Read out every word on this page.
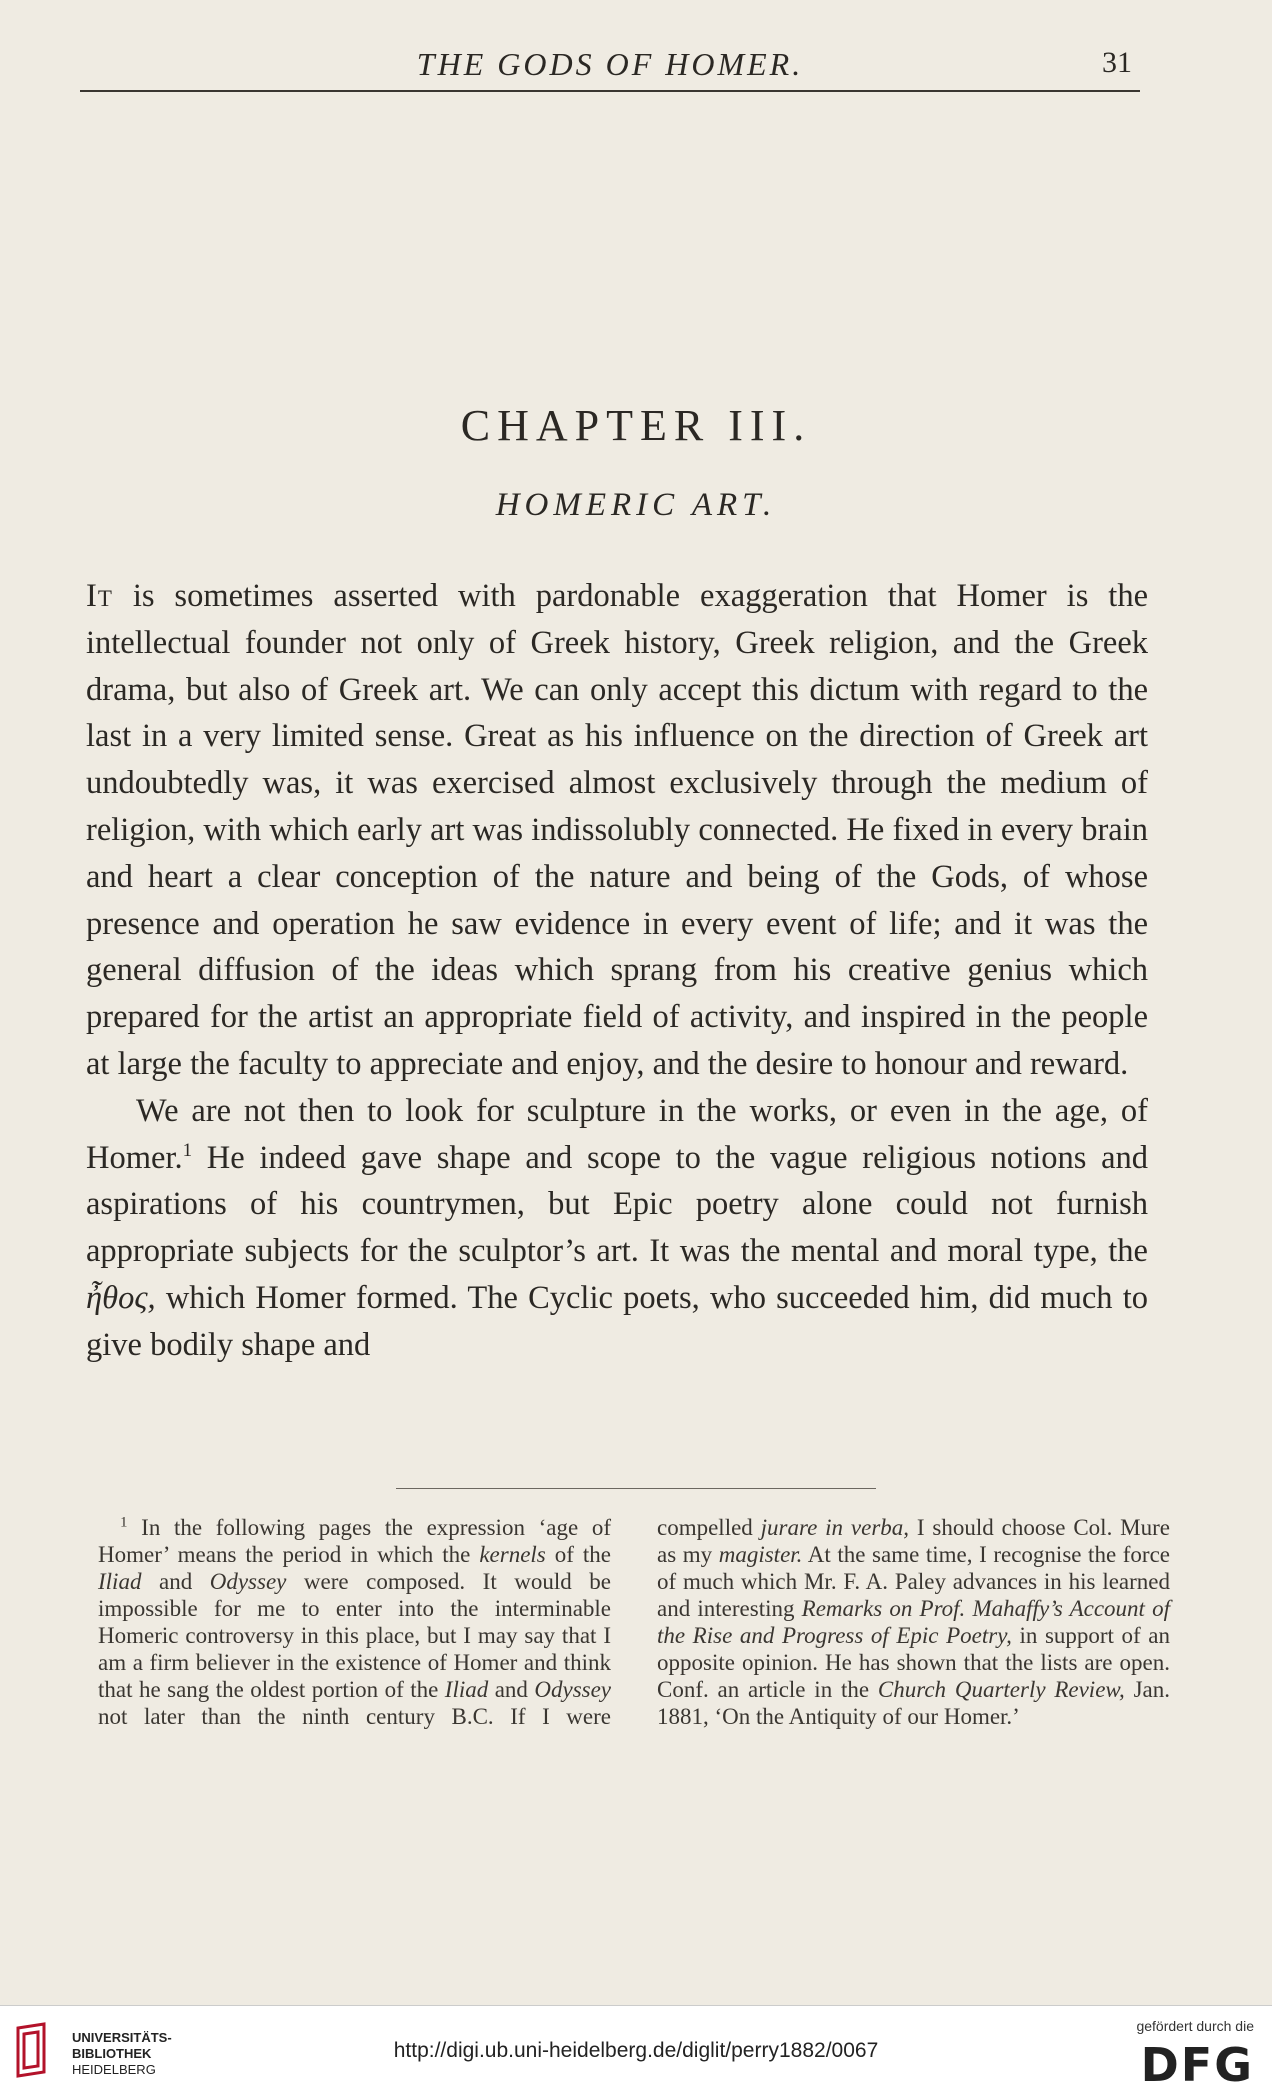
THE GODS OF HOMER.	31
CHAPTER III.
HOMERIC ART.

It is sometimes asserted with pardonable exaggeration that Homer is the intellectual founder not only of Greek history, Greek religion, and the Greek drama, but also of Greek art. We can only accept this dictum with regard to the last in a very limited sense. Great as his influence on the direction of Greek art undoubtedly was, it was exercised almost exclusively through the medium of religion, with which early art was indissolubly connected. He fixed in every brain and heart a clear conception of the nature and being of the Gods, of whose presence and operation he saw evidence in every event of life; and it was the general diffusion of the ideas which sprang from his creative genius which prepared for the artist an appropriate field of activity, and inspired in the people at large the faculty to appreciate and enjoy, and the desire to honour and reward.

We are not then to look for sculpture in the works, or even in the age, of Homer.$^1$ He indeed gave shape and scope to the vague religious notions and aspirations of his countrymen, but Epic poetry alone could not furnish appropriate subjects for the sculptor’s art. It was the mental and moral type, the ἦθος, which Homer formed. The Cyclic poets, who succeeded him, did much to give bodily shape and

$^1$ In the following pages the expression ‘age of Homer’ means the period in which the kernels of the Iliad and Odyssey were composed. It would be impossible for me to enter into the interminable Homeric controversy in this place, but I may say that I am a firm believer in the existence of Homer and think that he sang the oldest portion of the Iliad and Odyssey not later than the ninth century B.C. If I were compelled jurare in verba, I should choose Col. Mure as my magister. At the same time, I recognise the force of much which Mr. F. A. Paley advances in his learned and interesting Remarks on Prof. Mahaffy’s Account of the Rise and Progress of Epic Poetry, in support of an opposite opinion. He has shown that the lists are open. Conf. an article in the Church Quarterly Review, Jan. 1881, ‘On the Antiquity of our Homer.’

UNIVERSITÄTS-
BIBLIOTHEK
HEIDELBERG
http://digi.ub.uni-heidelberg.de/diglit/perry1882/0067
gefördert durch die
DFG
